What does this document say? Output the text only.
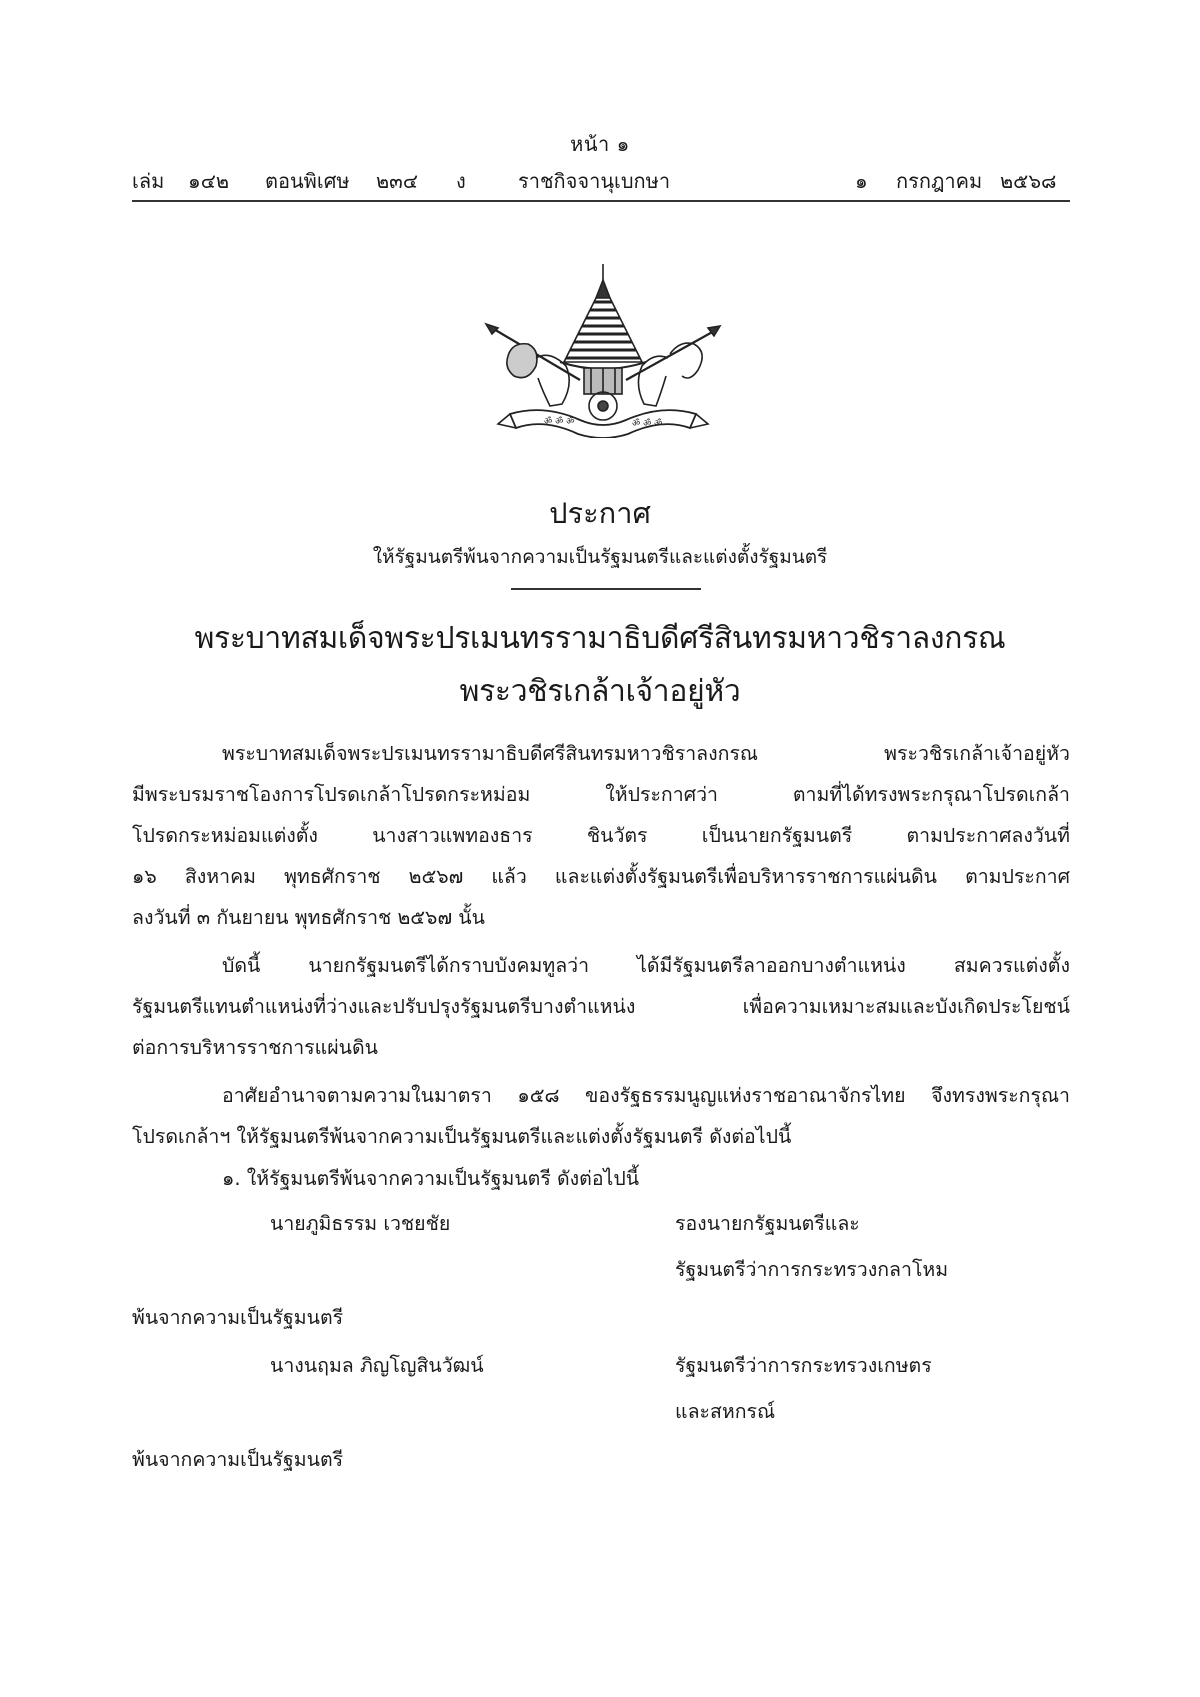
หน้า ๑
เล่ม ๑๔๒ ตอนพิเศษ ๒๓๔ ง	ราชกิจจานุเบกษา	๑ กรกฎาคม ๒๕๖๘
ॐ ॐ ॐ	ॐ ॐ ॐ
ประกาศ
ให้รัฐมนตรีพ้นจากความเป็นรัฐมนตรีและแต่งตั้งรัฐมนตรี
พระบาทสมเด็จพระปรเมนทรรามาธิบดีศรีสินทรมหาวชิราลงกรณ
พระวชิรเกล้าเจ้าอยู่หัว
พระบาทสมเด็จพระปรเมนทรรามาธิบดีศรีสินทรมหาวชิราลงกรณ พระวชิรเกล้าเจ้าอยู่หัว
มีพระบรมราชโองการโปรดเกล้าโปรดกระหม่อม ให้ประกาศว่า ตามที่ได้ทรงพระกรุณาโปรดเกล้า
โปรดกระหม่อมแต่งตั้ง นางสาวแพทองธาร ชินวัตร เป็นนายกรัฐมนตรี ตามประกาศลงวันที่
๑๖ สิงหาคม พุทธศักราช ๒๕๖๗ แล้ว และแต่งตั้งรัฐมนตรีเพื่อบริหารราชการแผ่นดิน ตามประกาศ
ลงวันที่ ๓ กันยายน พุทธศักราช ๒๕๖๗ นั้น
บัดนี้ นายกรัฐมนตรีได้กราบบังคมทูลว่า ได้มีรัฐมนตรีลาออกบางตำแหน่ง สมควรแต่งตั้ง
รัฐมนตรีแทนตำแหน่งที่ว่างและปรับปรุงรัฐมนตรีบางตำแหน่ง เพื่อความเหมาะสมและบังเกิดประโยชน์
ต่อการบริหารราชการแผ่นดิน
อาศัยอำนาจตามความในมาตรา ๑๕๘ ของรัฐธรรมนูญแห่งราชอาณาจักรไทย จึงทรงพระกรุณา
โปรดเกล้าฯ ให้รัฐมนตรีพ้นจากความเป็นรัฐมนตรีและแต่งตั้งรัฐมนตรี ดังต่อไปนี้
๑. ให้รัฐมนตรีพ้นจากความเป็นรัฐมนตรี ดังต่อไปนี้
นายภูมิธรรม เวชยชัย	รองนายกรัฐมนตรีและ
รัฐมนตรีว่าการกระทรวงกลาโหม
พ้นจากความเป็นรัฐมนตรี
นางนฤมล ภิญโญสินวัฒน์	รัฐมนตรีว่าการกระทรวงเกษตร
และสหกรณ์
พ้นจากความเป็นรัฐมนตรี
